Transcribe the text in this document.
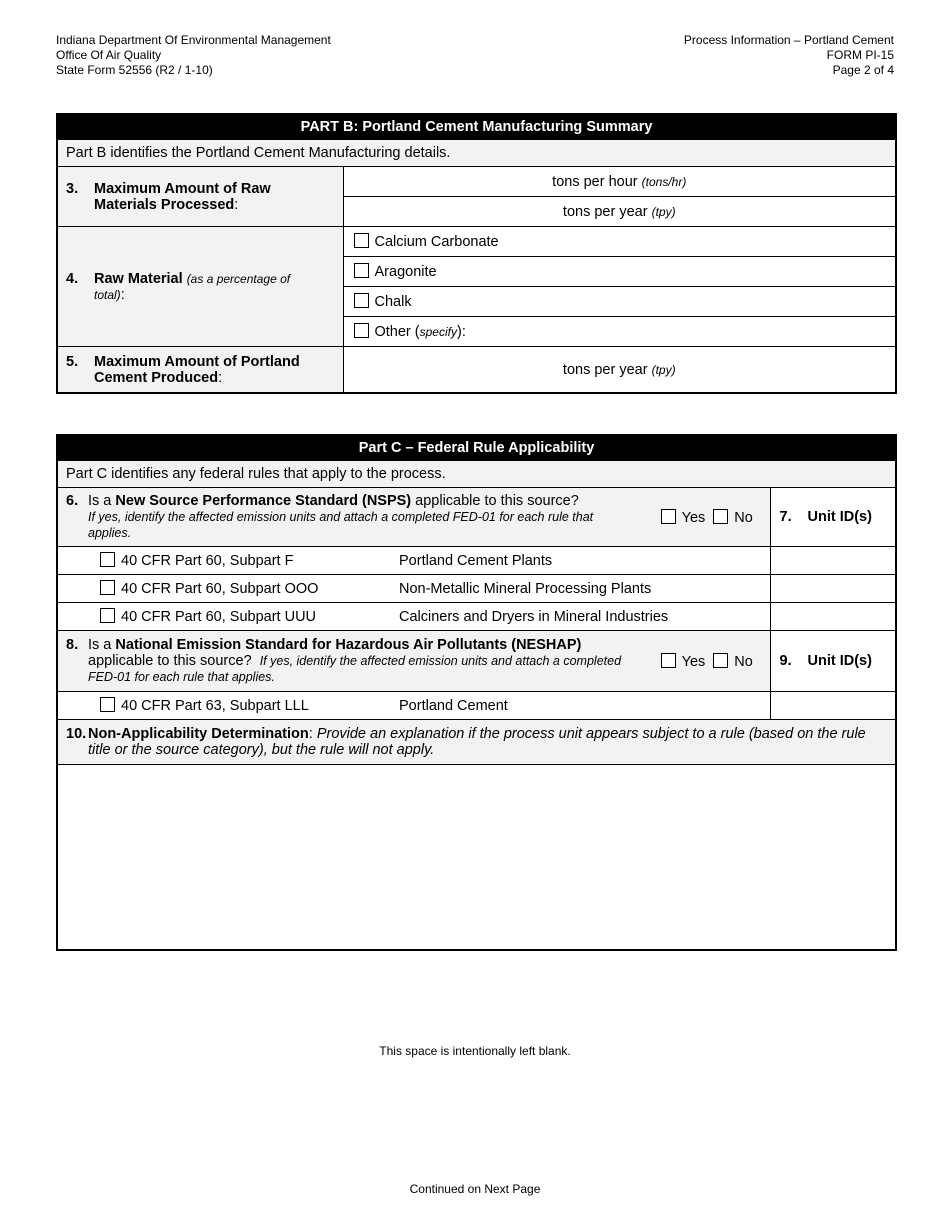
Indiana Department Of Environmental Management
Office Of Air Quality
State Form 52556 (R2 / 1-10)
Process Information – Portland Cement
FORM PI-15
Page 2 of 4
PART B: Portland Cement Manufacturing Summary	
Part B identifies the Portland Cement Manufacturing details.	
3. Maximum Amount of Raw Materials Processed:	tons per hour (tons/hr)
	tons per year (tpy)
4. Raw Material (as a percentage of total):	Calcium Carbonate
	Aragonite
	Chalk
	Other (specify):
5. Maximum Amount of Portland Cement Produced:	tons per year (tpy)
Part C – Federal Rule Applicability			
Part C identifies any federal rules that apply to the process.			
6. Is a New Source Performance Standard (NSPS) applicable to this source?
If yes, identify the affected emission units and attach a completed FED-01 for each rule that applies.		Yes No	7. Unit ID(s)
40 CFR Part 60, Subpart F	Portland Cement Plants		
40 CFR Part 60, Subpart OOO	Non-Metallic Mineral Processing Plants		
40 CFR Part 60, Subpart UUU	Calciners and Dryers in Mineral Industries		
8. Is a National Emission Standard for Hazardous Air Pollutants (NESHAP) applicable to this source? If yes, identify the affected emission units and attach a completed FED-01 for each rule that applies.		Yes No	9. Unit ID(s)
40 CFR Part 63, Subpart LLL	Portland Cement		
10. Non-Applicability Determination: Provide an explanation if the process unit appears subject to a rule (based on the rule title or the source category), but the rule will not apply.			

This space is intentionally left blank.
Continued on Next Page
